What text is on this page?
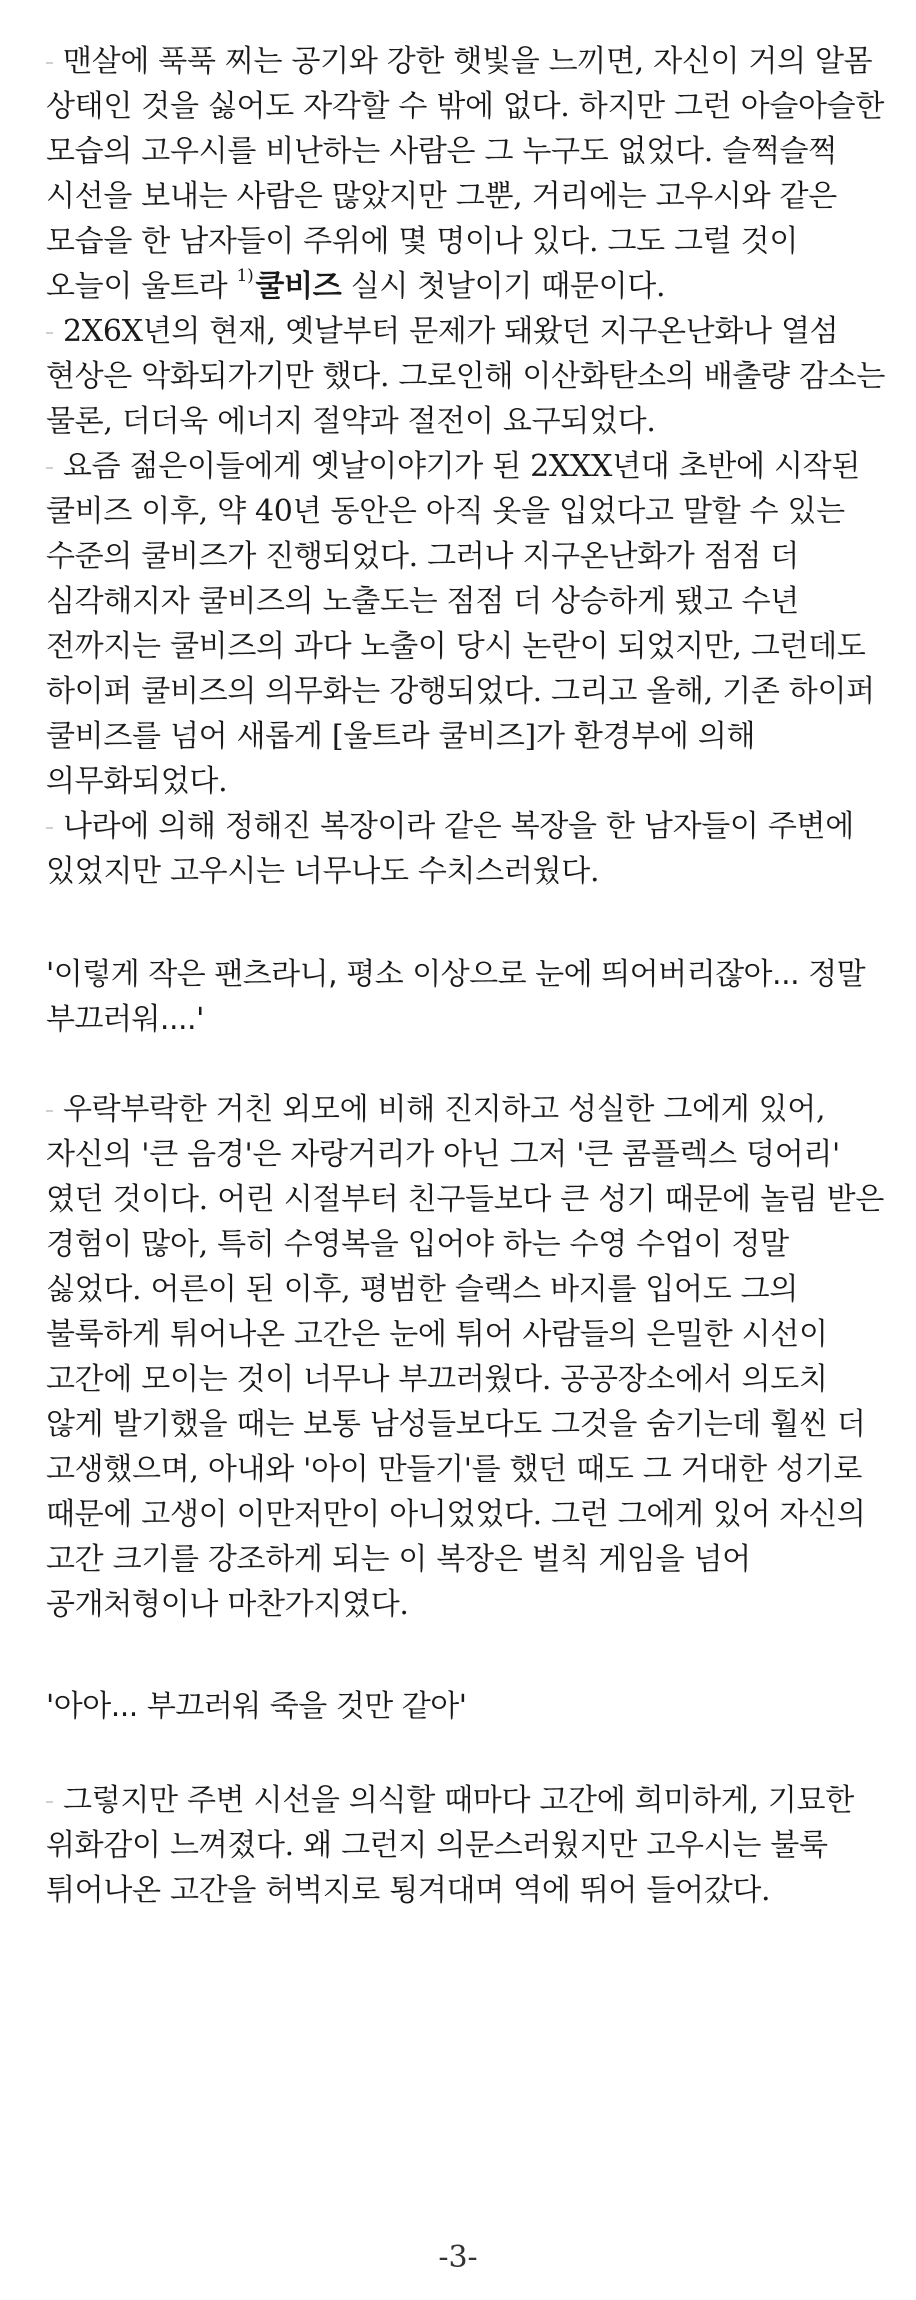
맨살에 푹푹 찌는 공기와 강한 햇빛을 느끼면, 자신이 거의 알몸
상태인 것을 싫어도 자각할 수 밖에 없다. 하지만 그런 아슬아슬한
모습의 고우시를 비난하는 사람은 그 누구도 없었다. 슬쩍슬쩍
시선을 보내는 사람은 많았지만 그뿐, 거리에는 고우시와 같은
모습을 한 남자들이 주위에 몇 명이나 있다. 그도 그럴 것이
오늘이 울트라 $^{1)}$쿨비즈 실시 첫날이기 때문이다.
2X6X년의 현재, 옛날부터 문제가 돼왔던 지구온난화나 열섬
현상은 악화되가기만 했다. 그로인해 이산화탄소의 배출량 감소는
물론, 더더욱 에너지 절약과 절전이 요구되었다.
요즘 젊은이들에게 옛날이야기가 된 2XXX년대 초반에 시작된
쿨비즈 이후, 약 40년 동안은 아직 옷을 입었다고 말할 수 있는
수준의 쿨비즈가 진행되었다. 그러나 지구온난화가 점점 더
심각해지자 쿨비즈의 노출도는 점점 더 상승하게 됐고 수년
전까지는 쿨비즈의 과다 노출이 당시 논란이 되었지만, 그런데도
하이퍼 쿨비즈의 의무화는 강행되었다. 그리고 올해, 기존 하이퍼
쿨비즈를 넘어 새롭게 [울트라 쿨비즈]가 환경부에 의해
의무화되었다.
나라에 의해 정해진 복장이라 같은 복장을 한 남자들이 주변에
있었지만 고우시는 너무나도 수치스러웠다.
'이렇게 작은 팬츠라니, 평소 이상으로 눈에 띄어버리잖아... 정말
부끄러워....'
우락부락한 거친 외모에 비해 진지하고 성실한 그에게 있어,
자신의 '큰 음경'은 자랑거리가 아닌 그저 '큰 콤플렉스 덩어리'
였던 것이다. 어린 시절부터 친구들보다 큰 성기 때문에 놀림 받은
경험이 많아, 특히 수영복을 입어야 하는 수영 수업이 정말
싫었다. 어른이 된 이후, 평범한 슬랙스 바지를 입어도 그의
불룩하게 튀어나온 고간은 눈에 튀어 사람들의 은밀한 시선이
고간에 모이는 것이 너무나 부끄러웠다. 공공장소에서 의도치
않게 발기했을 때는 보통 남성들보다도 그것을 숨기는데 훨씬 더
고생했으며, 아내와 '아이 만들기'를 했던 때도 그 거대한 성기로
때문에 고생이 이만저만이 아니었었다. 그런 그에게 있어 자신의
고간 크기를 강조하게 되는 이 복장은 벌칙 게임을 넘어
공개처형이나 마찬가지였다.
'아아... 부끄러워 죽을 것만 같아'
그렇지만 주변 시선을 의식할 때마다 고간에 희미하게, 기묘한
위화감이 느껴졌다. 왜 그런지 의문스러웠지만 고우시는 불룩
튀어나온 고간을 허벅지로 툉겨대며 역에 뛰어 들어갔다.
-3-
